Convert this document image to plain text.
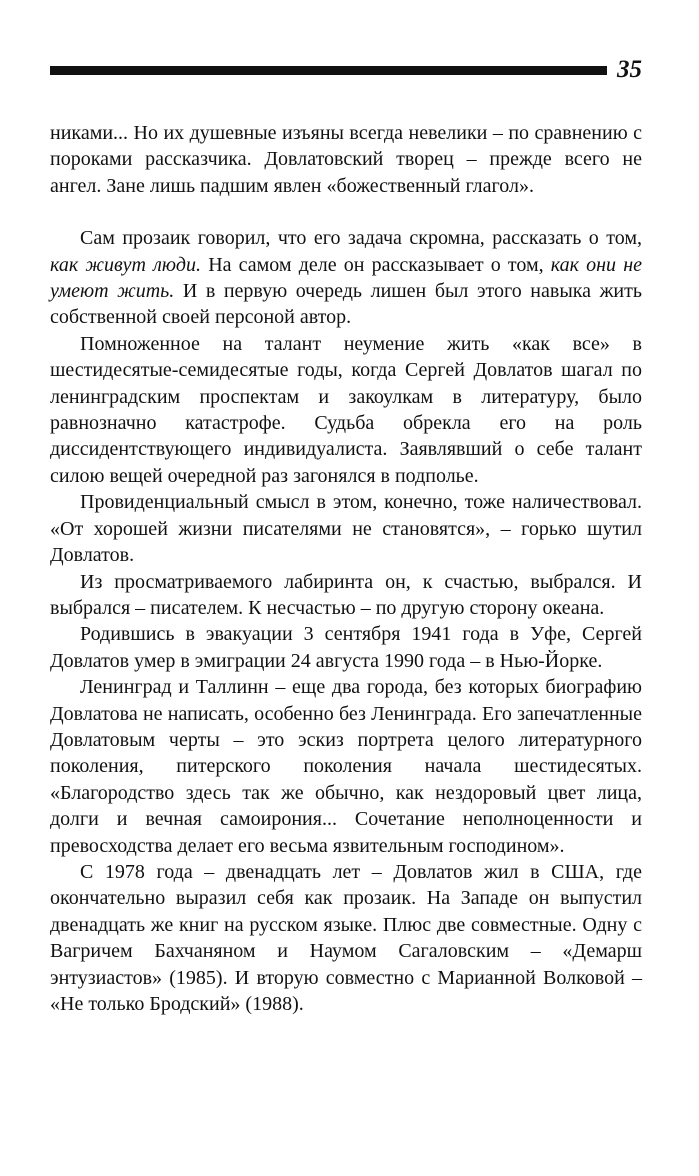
35

никами... Но их душевные изъяны всегда невелики – по сравнению с пороками рассказчика. Довлатовский творец – прежде всего не ангел. Зане лишь падшим явлен «божественный глагол».

Сам прозаик говорил, что его задача скромна, рассказать о том, как живут люди. На самом деле он рассказывает о том, как они не умеют жить. И в первую очередь лишен был этого навыка жить собственной своей персоной автор.

Помноженное на талант неумение жить «как все» в шестидесятые-семидесятые годы, когда Сергей Довлатов шагал по ленинградским проспектам и закоулкам в литературу, было равнозначно катастрофе. Судьба обрекла его на роль диссидентствующего индивидуалиста. Заявлявший о себе талант силою вещей очередной раз загонялся в подполье.

Провиденциальный смысл в этом, конечно, тоже наличествовал. «От хорошей жизни писателями не становятся», – горько шутил Довлатов.

Из просматриваемого лабиринта он, к счастью, выбрался. И выбрался – писателем. К несчастью – по другую сторону океана.

Родившись в эвакуации 3 сентября 1941 года в Уфе, Сергей Довлатов умер в эмиграции 24 августа 1990 года – в Нью-Йорке.

Ленинград и Таллинн – еще два города, без которых биографию Довлатова не написать, особенно без Ленинграда. Его запечатленные Довлатовым черты – это эскиз портрета целого литературного поколения, питерского поколения начала шестидесятых. «Благородство здесь так же обычно, как нездоровый цвет лица, долги и вечная самоирония... Сочетание неполноценности и превосходства делает его весьма язвительным господином».

С 1978 года – двенадцать лет – Довлатов жил в США, где окончательно выразил себя как прозаик. На Западе он выпустил двенадцать же книг на русском языке. Плюс две совместные. Одну с Вагричем Бахчаняном и Наумом Сагаловским – «Демарш энтузиастов» (1985). И вторую совместно с Марианной Волковой – «Не только Бродский» (1988).
